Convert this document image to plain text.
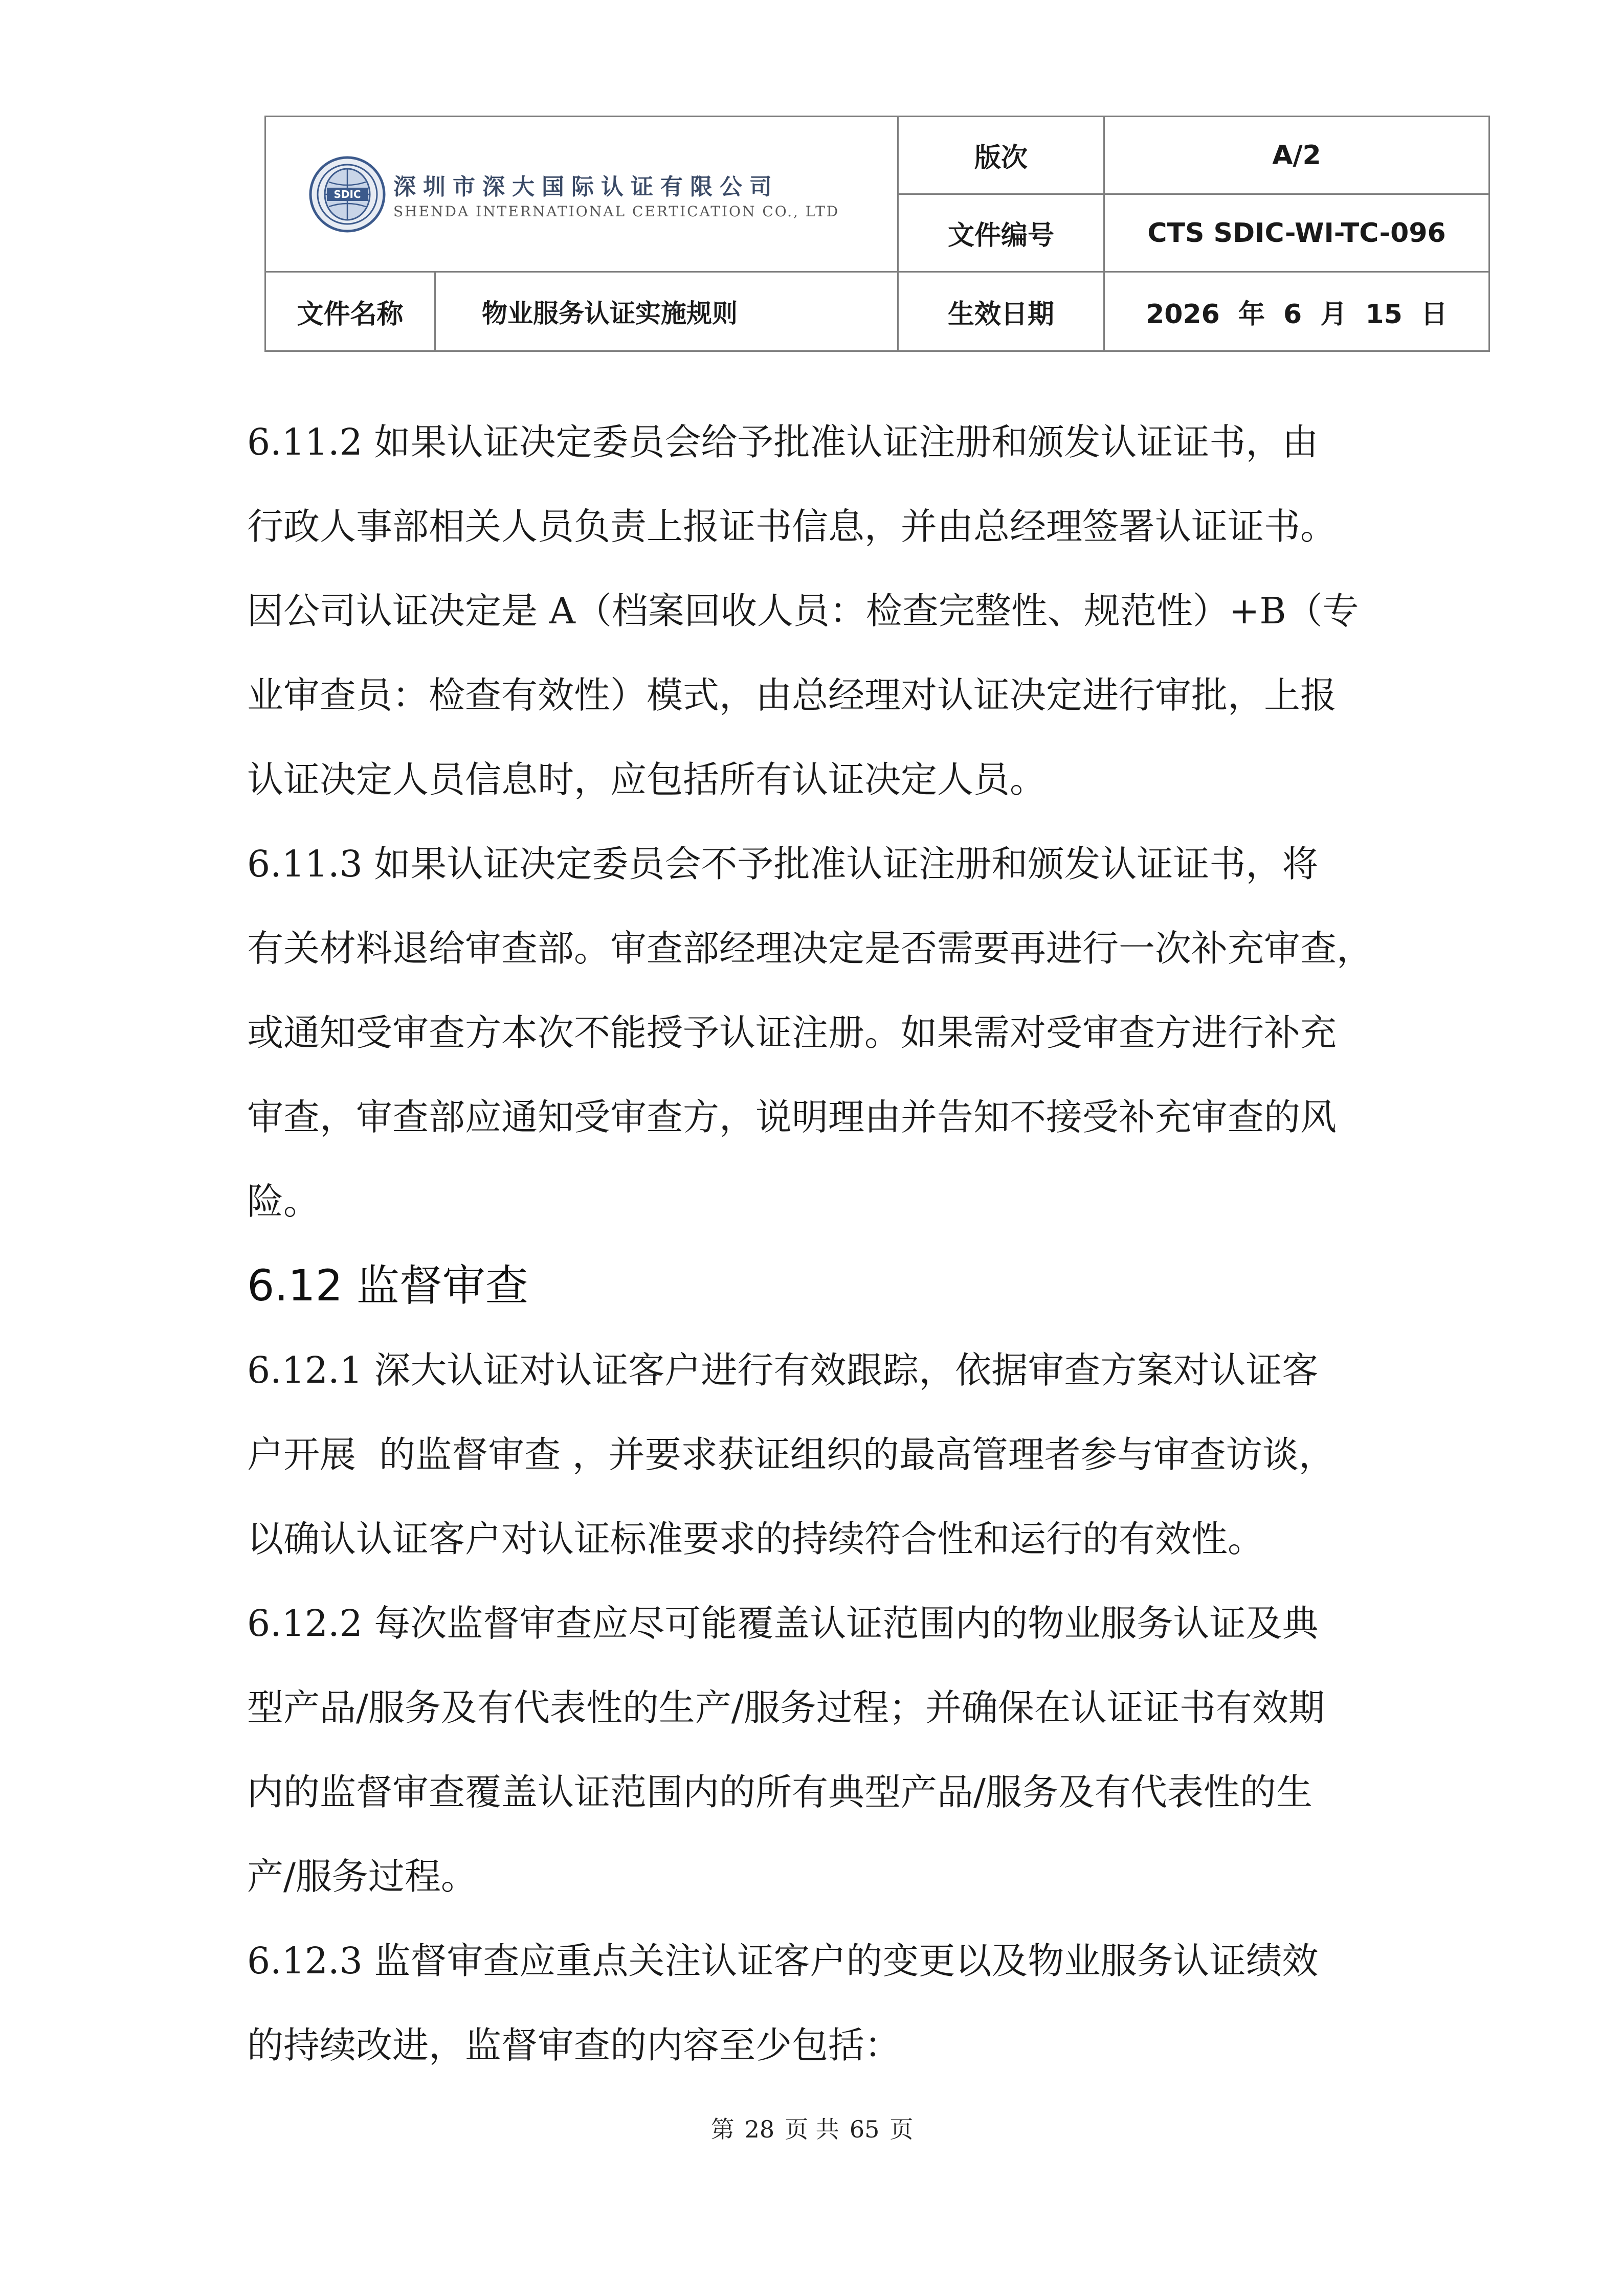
SDIC 深圳市深大国际认证有限公司
SHENDA INTERNATIONAL CERTICATION CO., LTD		版次	A/2
		文件编号	CTS SDIC-WI-TC-096
文件名称	物业服务认证实施规则	生效日期	2026 年 6 月 15 日

6.11.2 如果认证决定委员会给予批准认证注册和颁发认证证书，由

行政人事部相关人员负责上报证书信息，并由总经理签署认证证书。

因公司认证决定是 A（档案回收人员：检查完整性、规范性）+B（专

业审查员：检查有效性）模式，由总经理对认证决定进行审批，上报

认证决定人员信息时，应包括所有认证决定人员。

6.11.3 如果认证决定委员会不予批准认证注册和颁发认证证书，将

有关材料退给审查部。审查部经理决定是否需要再进行一次补充审查，

或通知受审查方本次不能授予认证注册。如果需对受审查方进行补充

审查，审查部应通知受审查方，说明理由并告知不接受补充审查的风

险。

6.12 监督审查

6.12.1 深大认证对认证客户进行有效跟踪，依据审查方案对认证客

户开展  的监督审查 ，并要求获证组织的最高管理者参与审查访谈，

以确认认证客户对认证标准要求的持续符合性和运行的有效性。

6.12.2 每次监督审查应尽可能覆盖认证范围内的物业服务认证及典

型产品/服务及有代表性的生产/服务过程；并确保在认证证书有效期

内的监督审查覆盖认证范围内的所有典型产品/服务及有代表性的生

产/服务过程。

6.12.3 监督审查应重点关注认证客户的变更以及物业服务认证绩效

的持续改进，监督审查的内容至少包括：

第 28 页 共 65 页
